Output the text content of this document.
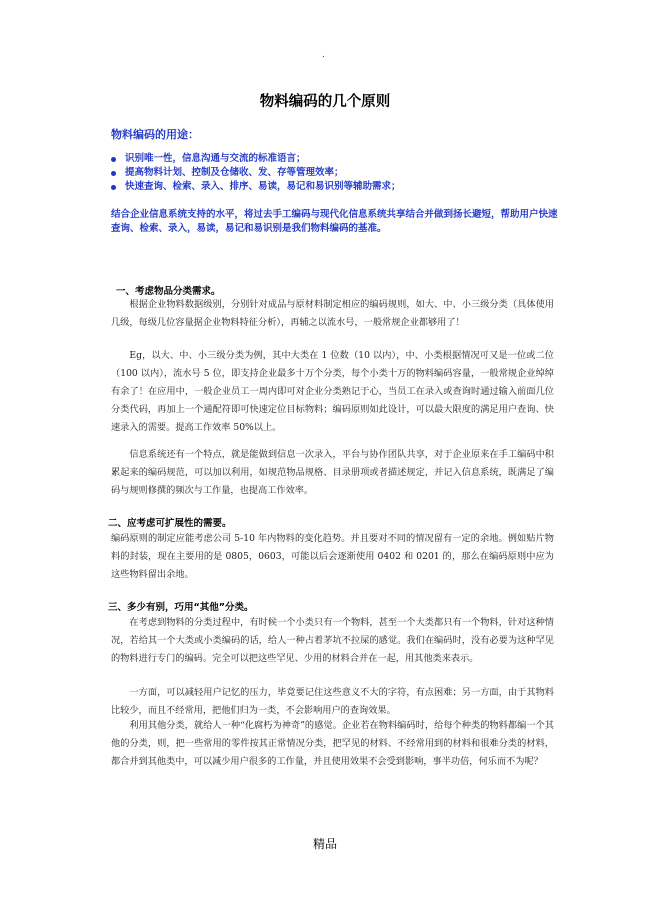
.
物料编码的几个原则
物料编码的用途：
识别唯一性，信息沟通与交流的标准语言；
提高物料计划、控制及仓储收、发、存等管理效率；
快速查询、检索、录入、排序、易读，易记和易识别等辅助需求；
结合企业信息系统支持的水平，将过去手工编码与现代化信息系统共享结合并做到扬长避短，帮助用户快速查询、检索、录入，易读，易记和易识别是我们物料编码的基准。
一、考虑物品分类需求。
根据企业物料数据级别，分别针对成品与原材料制定相应的编码规则，如大、中、小三级分类（具体使用几级，每级几位容量据企业物料特征分析），再辅之以流水号，一般常规企业都够用了！
Eg，以大、中、小三级分类为例，其中大类在 1 位数（10 以内），中、小类根据情况可又是一位或二位（100 以内），流水号 5 位，即支持企业最多十万个分类，每个小类十万的物料编码容量，一般常规企业绰绰有余了！在应用中，一般企业员工一周内即可对企业分类熟记于心，当员工在录入或查询时通过输入前面几位分类代码，再加上一个通配符即可快速定位目标物料；编码原则如此设计，可以最大限度的满足用户查询、快速录入的需要。提高工作效率 50%以上。
信息系统还有一个特点，就是能做到信息一次录入，平台与协作团队共享，对于企业原来在手工编码中积累起来的编码规范，可以加以利用，如规范物品规格、目录册项或者描述规定，并记入信息系统，既满足了编码与规则修撰的频次与工作量，也提高工作效率。
二、应考虑可扩展性的需要。
编码原则的制定应能考虑公司 5-10 年内物料的变化趋势。并且要对不同的情况留有一定的余地。例如贴片物料的封装，现在主要用的是 0805，0603，可能以后会逐渐使用 0402 和 0201 的，那么在编码原则中应为这些物料留出余地。
三、多少有别，巧用“其他”分类。
在考虑到物料的分类过程中，有时候一个小类只有一个物料，甚至一个大类都只有一个物料，针对这种情况，若给其一个大类或小类编码的话，给人一种占着茅坑不拉屎的感觉。我们在编码时，没有必要为这种罕见的物料进行专门的编码。完全可以把这些罕见、少用的材料合并在一起，用其他类来表示。
一方面，可以减轻用户记忆的压力，毕竟要记住这些意义不大的字符，有点困难；另一方面，由于其物料比较少，而且不经常用，把他们归为一类，不会影响用户的查询效果。
利用其他分类，就给人一种“化腐朽为神奇”的感觉。企业若在物料编码时，给每个种类的物料都编一个其他的分类，则，把一些常用的零件按其正常情况分类，把罕见的材料、不经常用到的材料和很难分类的材料，都合并到其他类中，可以减少用户很多的工作量，并且使用效果不会受到影响，事半功倍，何乐而不为呢？
精品
